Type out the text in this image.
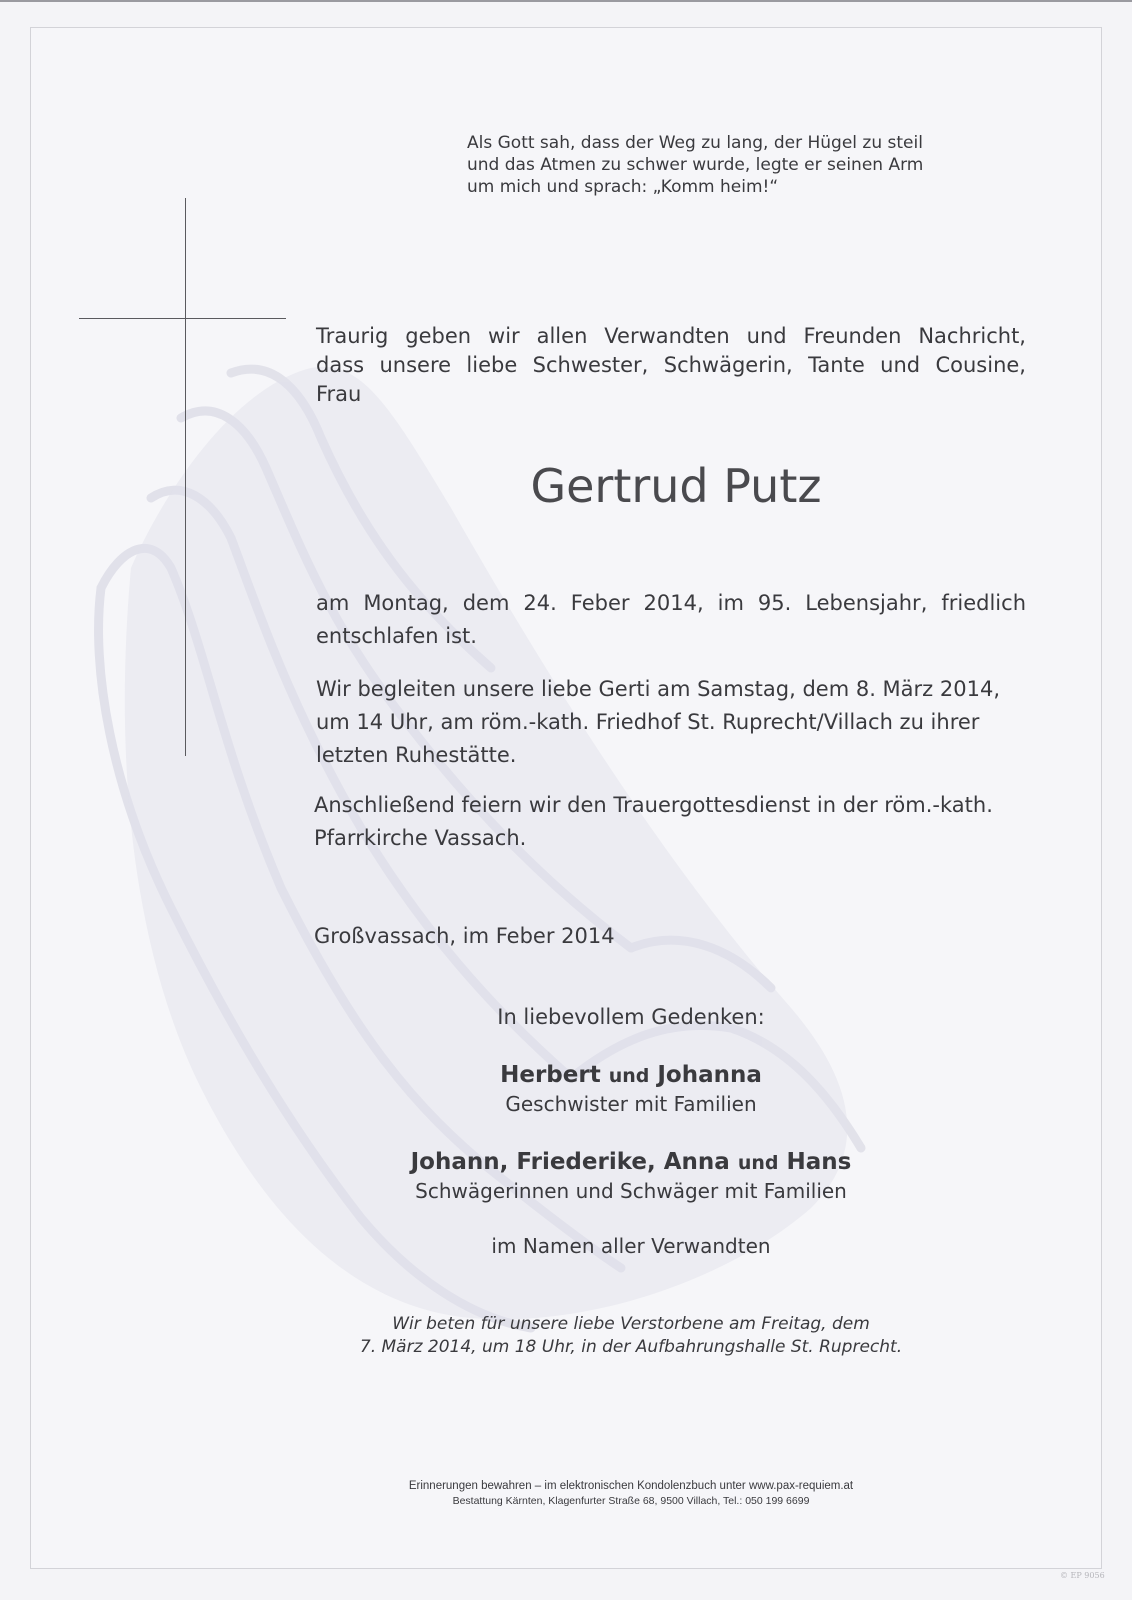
Als Gott sah, dass der Weg zu lang, der Hügel zu steil
und das Atmen zu schwer wurde, legte er seinen Arm
um mich und sprach: „Komm heim!“
Traurig geben wir allen Verwandten und Freunden Nachricht,
dass unsere liebe Schwester, Schwägerin, Tante und Cousine,
Frau
Gertrud Putz
am Montag, dem 24. Feber 2014, im 95. Lebensjahr, friedlich
entschlafen ist.
Wir begleiten unsere liebe Gerti am Samstag, dem 8. März 2014,
um 14 Uhr, am röm.-kath. Friedhof St. Ruprecht/Villach zu ihrer
letzten Ruhestätte.
Anschließend feiern wir den Trauergottesdienst in der röm.-kath.
Pfarrkirche Vassach.
Großvassach, im Feber 2014
In liebevollem Gedenken:
Herbert und Johanna
Geschwister mit Familien
Johann, Friederike, Anna und Hans
Schwägerinnen und Schwäger mit Familien
im Namen aller Verwandten
Wir beten für unsere liebe Verstorbene am Freitag, dem
7. März 2014, um 18 Uhr, in der Aufbahrungshalle St. Ruprecht.
Erinnerungen bewahren – im elektronischen Kondolenzbuch unter www.pax-requiem.at
Bestattung Kärnten, Klagenfurter Straße 68, 9500 Villach, Tel.: 050 199 6699
© EP 9056
